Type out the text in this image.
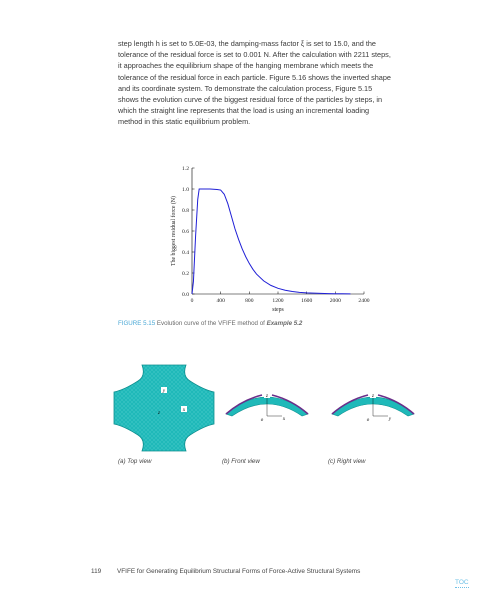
step length h is set to 5.0E-03, the damping-mass factor ξ is set to 15.0, and the tolerance of the residual force is set to 0.001 N. After the calculation with 2211 steps, it approaches the equilibrium shape of the hanging membrane which meets the tolerance of the residual force in each particle. Figure 5.16 shows the inverted shape and its coordinate system. To demonstrate the calculation process, Figure 5.15 shows the evolution curve of the biggest residual force of the particles by steps, in which the straight line represents that the load is using an incremental loading method in this static equilibrium problem.

0	400	800	1200	1600	2000	2400
0.0
0.2
0.4
0.6
0.8
1.0
1.2
steps
The biggest residual force (N)
FIGURE 5.15 Evolution curve of the VFIFE method of Example 5.2
y
x
z
z
o	x
z
o	y
(a) Top view	(b) Front view	(c) Right view
119 VFIFE for Generating Equilibrium Structural Forms of Force-Active Structural Systems
TOC
